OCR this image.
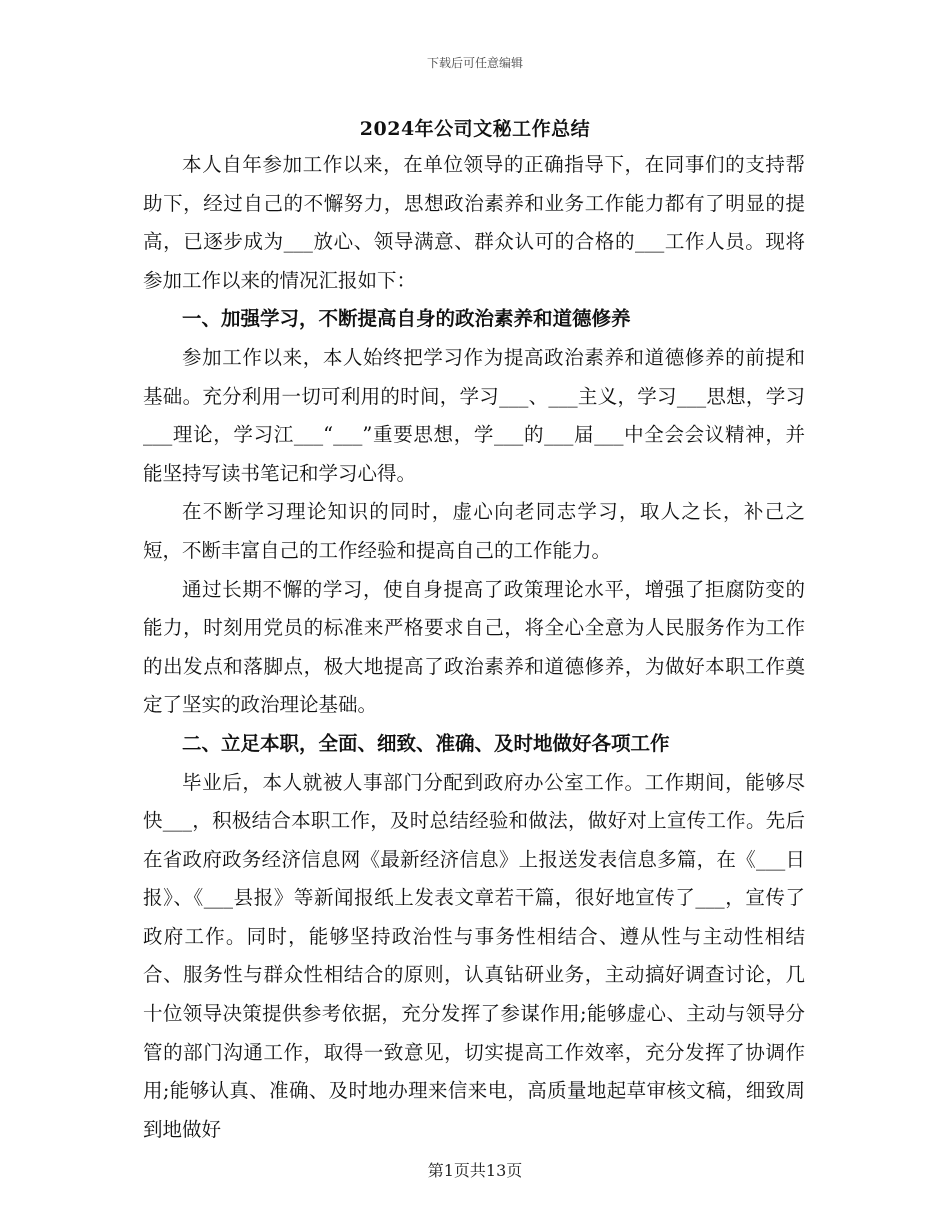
下载后可任意编辑
2024年公司文秘工作总结

本人自年参加工作以来，在单位领导的正确指导下，在同事们的支持帮助下，经过自己的不懈努力，思想政治素养和业务工作能力都有了明显的提高，已逐步成为___放心、领导满意、群众认可的合格的___工作人员。现将参加工作以来的情况汇报如下：

一、加强学习，不断提高自身的政治素养和道德修养

参加工作以来，本人始终把学习作为提高政治素养和道德修养的前提和基础。充分利用一切可利用的时间，学习___、___主义，学习___思想，学习___理论，学习江___“___”重要思想，学___的___届___中全会会议精神，并能坚持写读书笔记和学习心得。

在不断学习理论知识的同时，虚心向老同志学习，取人之长，补己之短，不断丰富自己的工作经验和提高自己的工作能力。

通过长期不懈的学习，使自身提高了政策理论水平，增强了拒腐防变的能力，时刻用党员的标准来严格要求自己，将全心全意为人民服务作为工作的出发点和落脚点，极大地提高了政治素养和道德修养，为做好本职工作奠定了坚实的政治理论基础。

二、立足本职，全面、细致、准确、及时地做好各项工作

毕业后，本人就被人事部门分配到政府办公室工作。工作期间，能够尽快___，积极结合本职工作，及时总结经验和做法，做好对上宣传工作。先后在省政府政务经济信息网《最新经济信息》上报送发表信息多篇，在《___日报》、《___县报》等新闻报纸上发表文章若干篇，很好地宣传了___，宣传了政府工作。同时，能够坚持政治性与事务性相结合、遵从性与主动性相结合、服务性与群众性相结合的原则，认真钻研业务，主动搞好调查讨论，几十位领导决策提供参考依据，充分发挥了参谋作用;能够虚心、主动与领导分管的部门沟通工作，取得一致意见，切实提高工作效率，充分发挥了协调作用;能够认真、准确、及时地办理来信来电，高质量地起草审核文稿，细致周到地做好

第1页共13页
